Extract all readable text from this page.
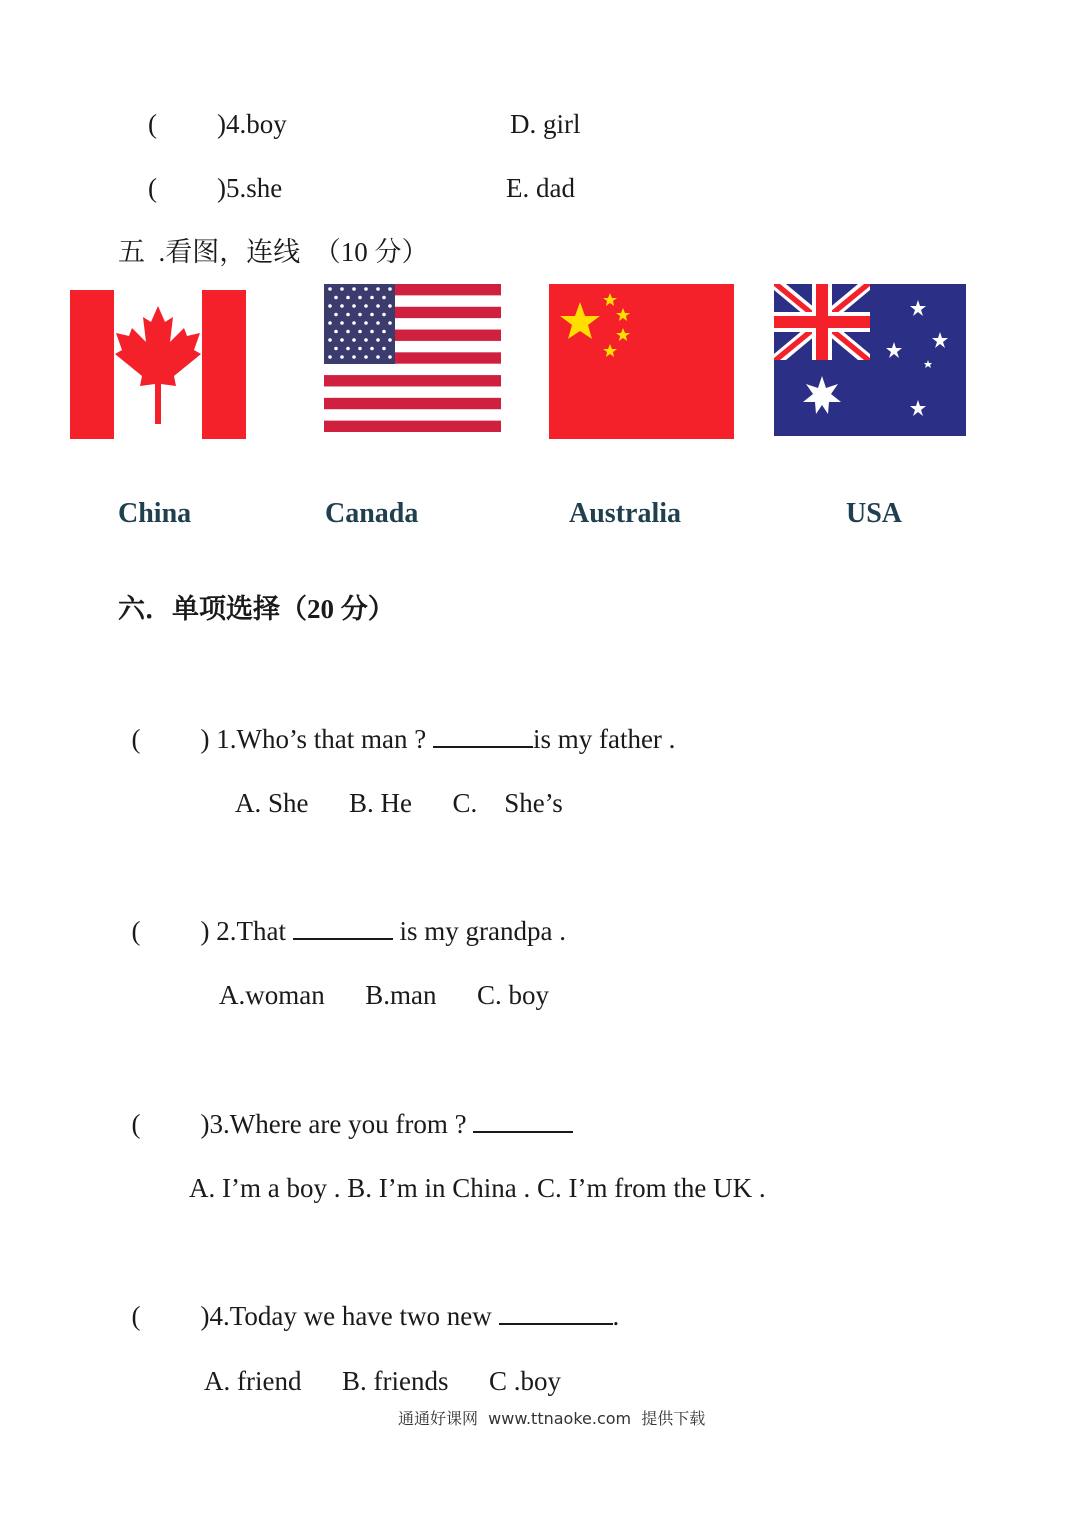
( )4.boy	D. girl
( )5.she	E. dad
五  .看图，连线  （10 分）
China	Canada	Australia	USA
六．单项选择（20 分）

( ) 1.Who’s that man ?	is my father .

A. She      B. He      C.    She’s

( ) 2.That	is my grandpa .

A.woman      B.man      C. boy

( )3.Where are you from ?

A. I’m a boy . B. I’m in China . C. I’m from the UK .

( )4.Today we have two new	.

A. friend      B. friends      C .boy
通通好课网  www.ttnaoke.com  提供下载
